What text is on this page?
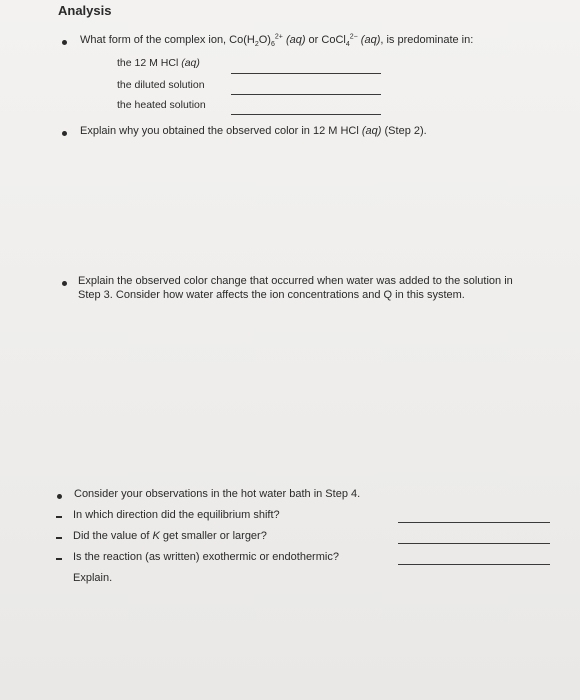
Analysis
What form of the complex ion, $Co(H_2O)_6^{2+}$ (aq) or CoCl$_4^{2-}$ (aq), is predominate in:
the 12 M HCl (aq)
the diluted solution
the heated solution
Explain why you obtained the observed color in 12 M HCl (aq) (Step 2).
Explain the observed color change that occurred when water was added to the solution in
Step 3. Consider how water affects the ion concentrations and Q in this system.
Consider your observations in the hot water bath in Step 4.
In which direction did the equilibrium shift?
Did the value of K get smaller or larger?
Is the reaction (as written) exothermic or endothermic?
Explain.
